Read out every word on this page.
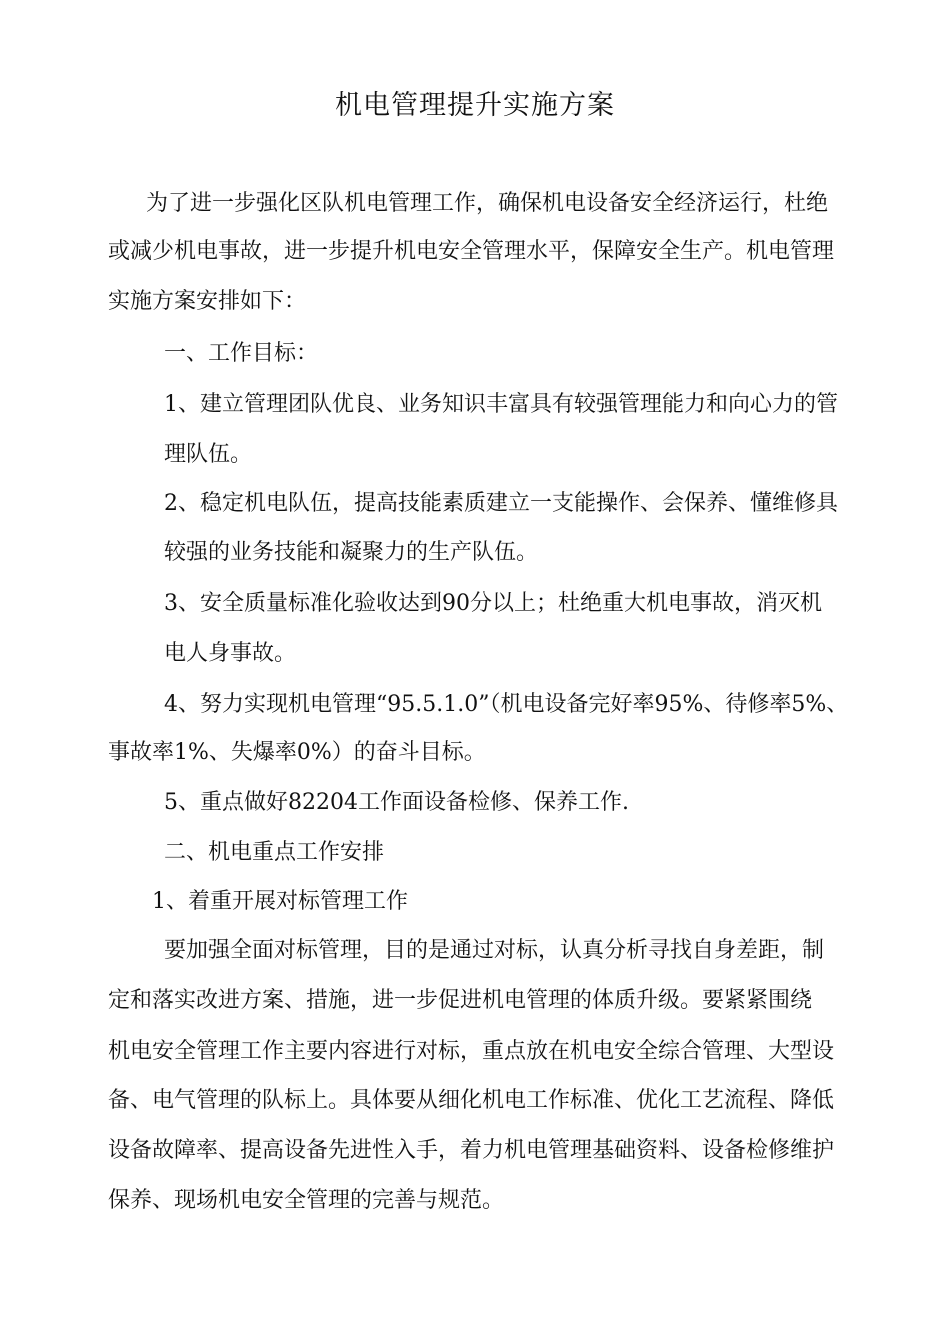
机电管理提升实施方案
为了进一步强化区队机电管理工作，确保机电设备安全经济运行，杜绝
或减少机电事故，进一步提升机电安全管理水平，保障安全生产。机电管理
实施方案安排如下：
一、工作目标：
1、建立管理团队优良、业务知识丰富具有较强管理能力和向心力的管
理队伍。
2、稳定机电队伍，提高技能素质建立一支能操作、会保养、懂维修具
较强的业务技能和凝聚力的生产队伍。
3、安全质量标准化验收达到90分以上；杜绝重大机电事故，消灭机
电人身事故。
4、努力实现机电管理“95.5.1.0”（机电设备完好率95%、待修率5%、
事故率1%、失爆率0%）的奋斗目标。
5、重点做好82204工作面设备检修、保养工作.
二、机电重点工作安排
1、着重开展对标管理工作
要加强全面对标管理，目的是通过对标，认真分析寻找自身差距，制
定和落实改进方案、措施，进一步促进机电管理的体质升级。要紧紧围绕
机电安全管理工作主要内容进行对标，重点放在机电安全综合管理、大型设
备、电气管理的队标上。具体要从细化机电工作标准、优化工艺流程、降低
设备故障率、提高设备先进性入手，着力机电管理基础资料、设备检修维护
保养、现场机电安全管理的完善与规范。
